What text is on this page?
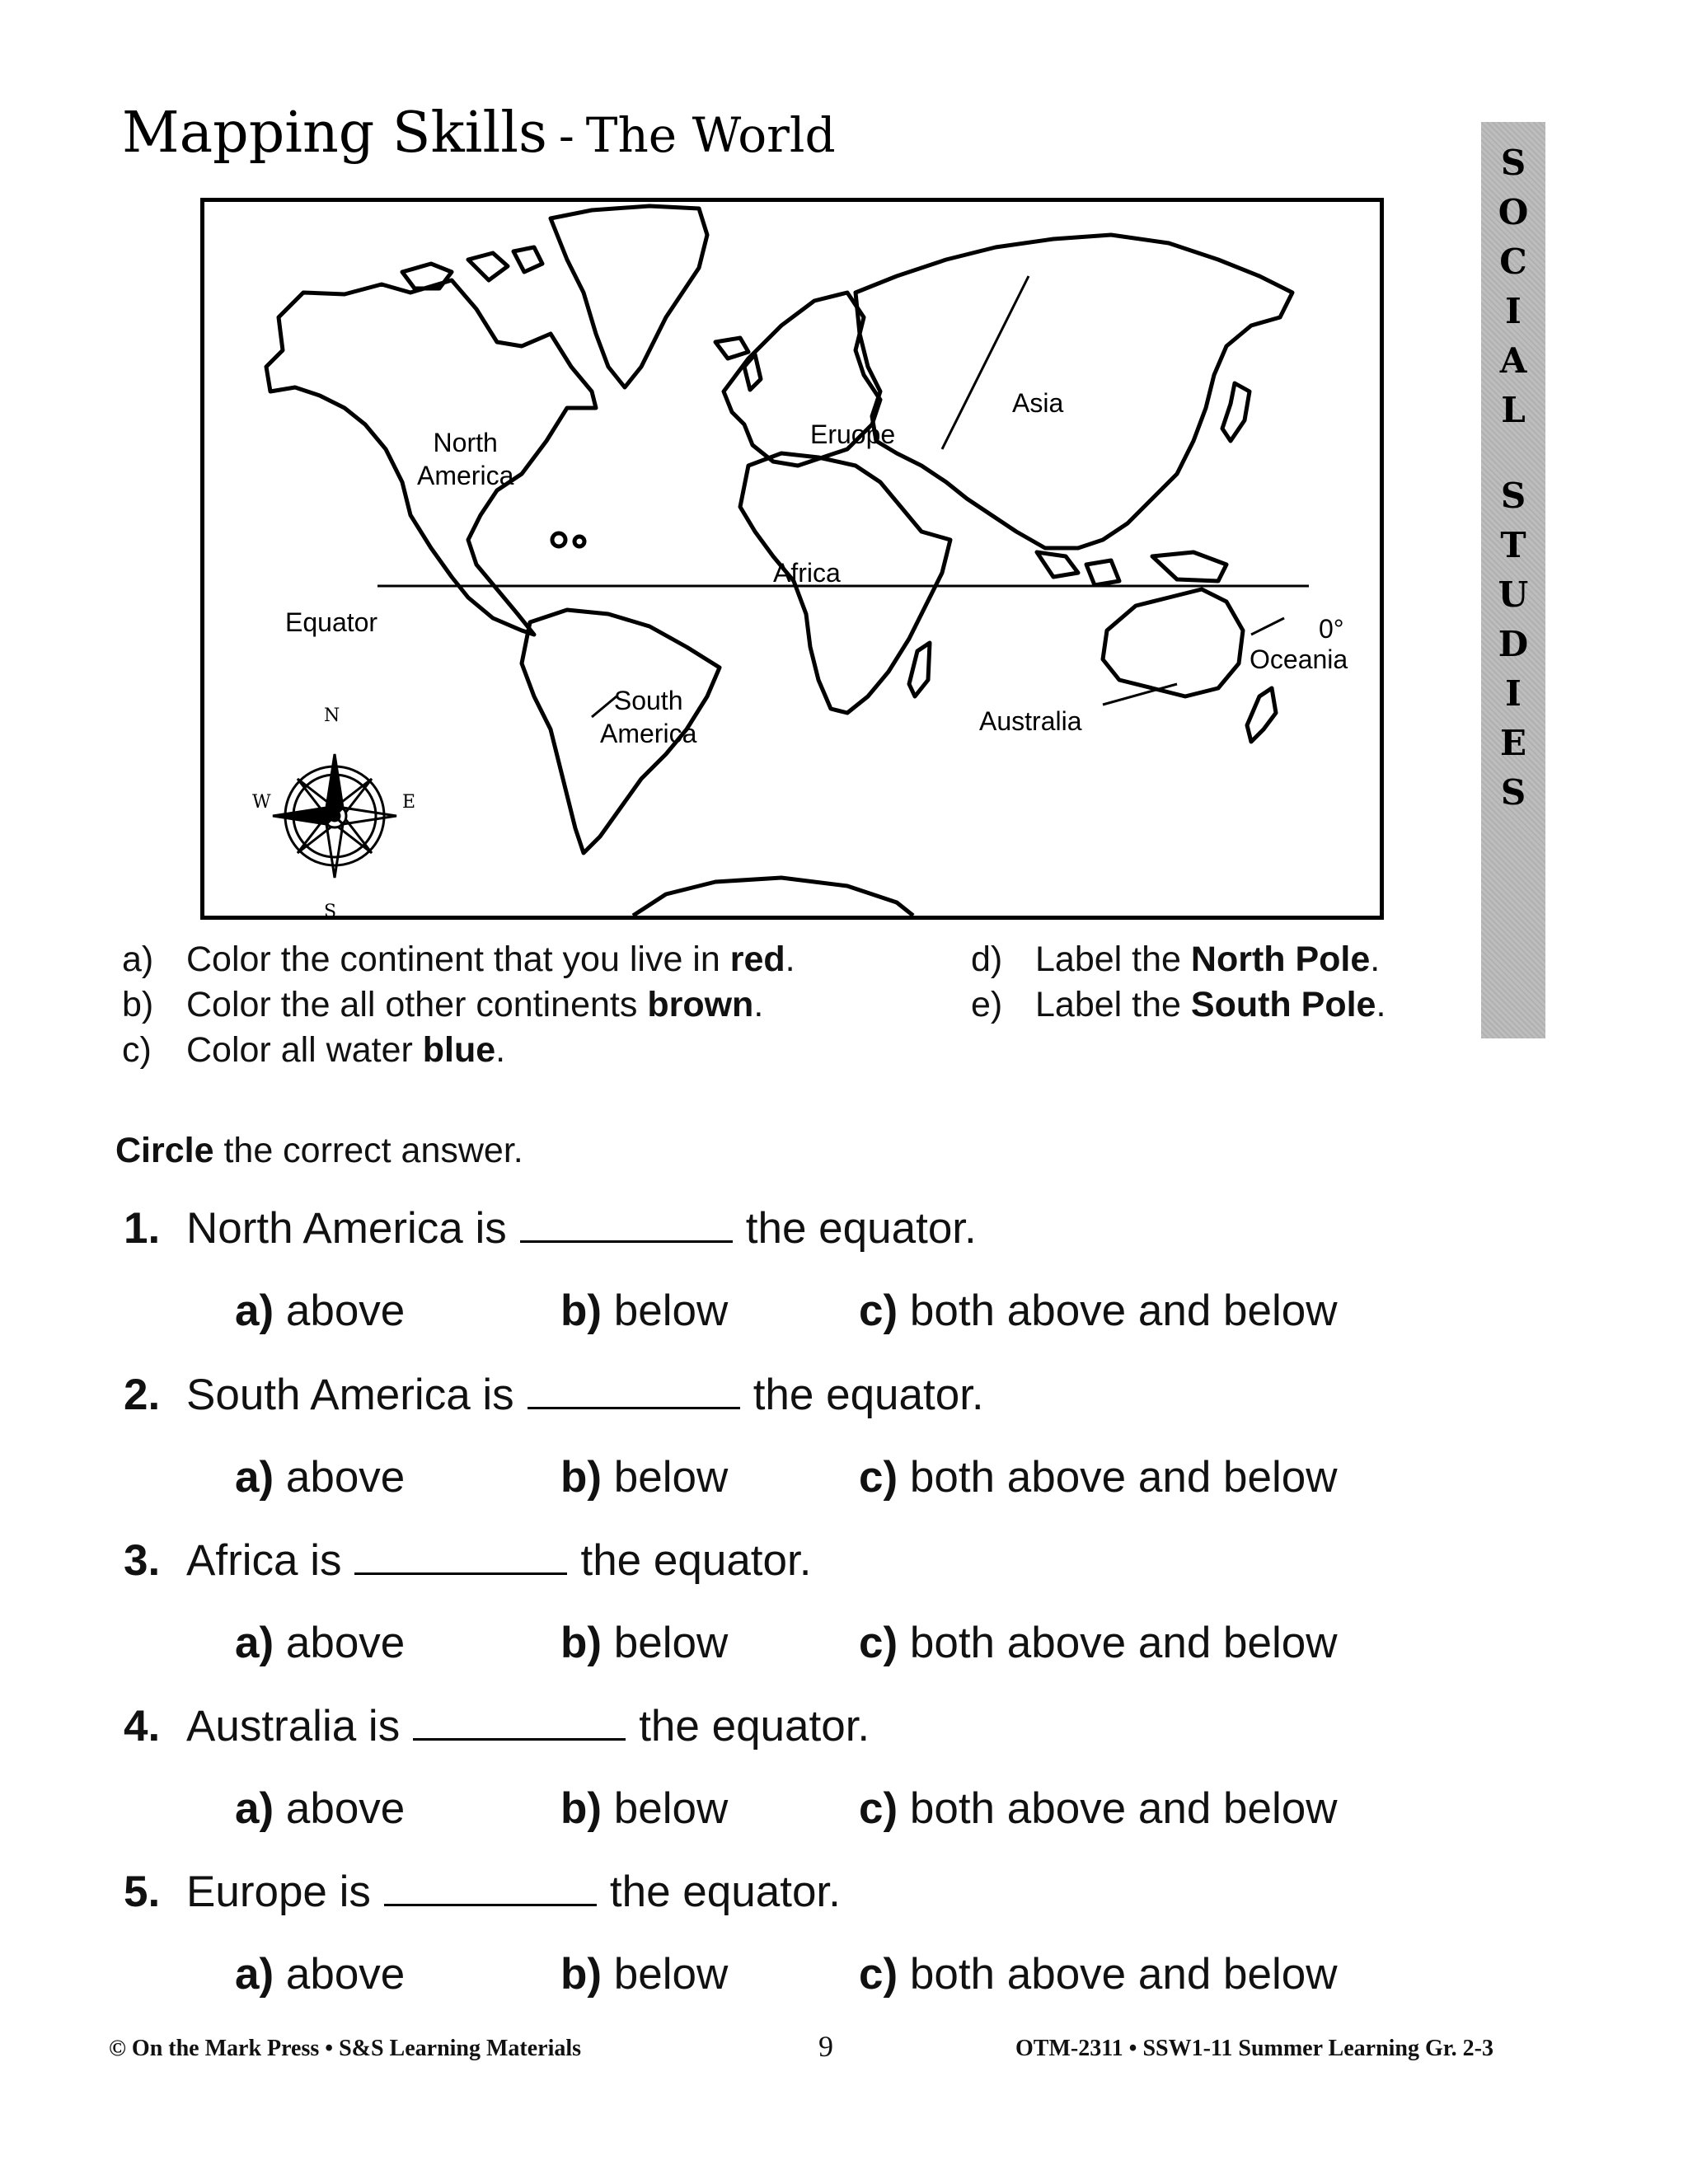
Mapping Skills - The World	S
O
C
I
A
L
S
T
U
D
I
E
S
N
S
W	E
North
America
Eruope
Asia
Africa
South
America	Australia
Oceania
Equator	0°
a) Color the continent that you live in red.
b) Color the all other continents brown.
c) Color all water blue.
d) Label the North Pole.
e) Label the South Pole.
Circle the correct answer.
1. North America is	the equator.
a) above	b) below	c) both above and below
2. South America is	the equator.
a) above	b) below	c) both above and below
3. Africa is	the equator.
a) above	b) below	c) both above and below
4. Australia is	the equator.
a) above	b) below	c) both above and below
5. Europe is	the equator.
a) above	b) below	c) both above and below
© On the Mark Press • S&S Learning Materials	9	OTM-2311 • SSW1-11 Summer Learning Gr. 2-3
